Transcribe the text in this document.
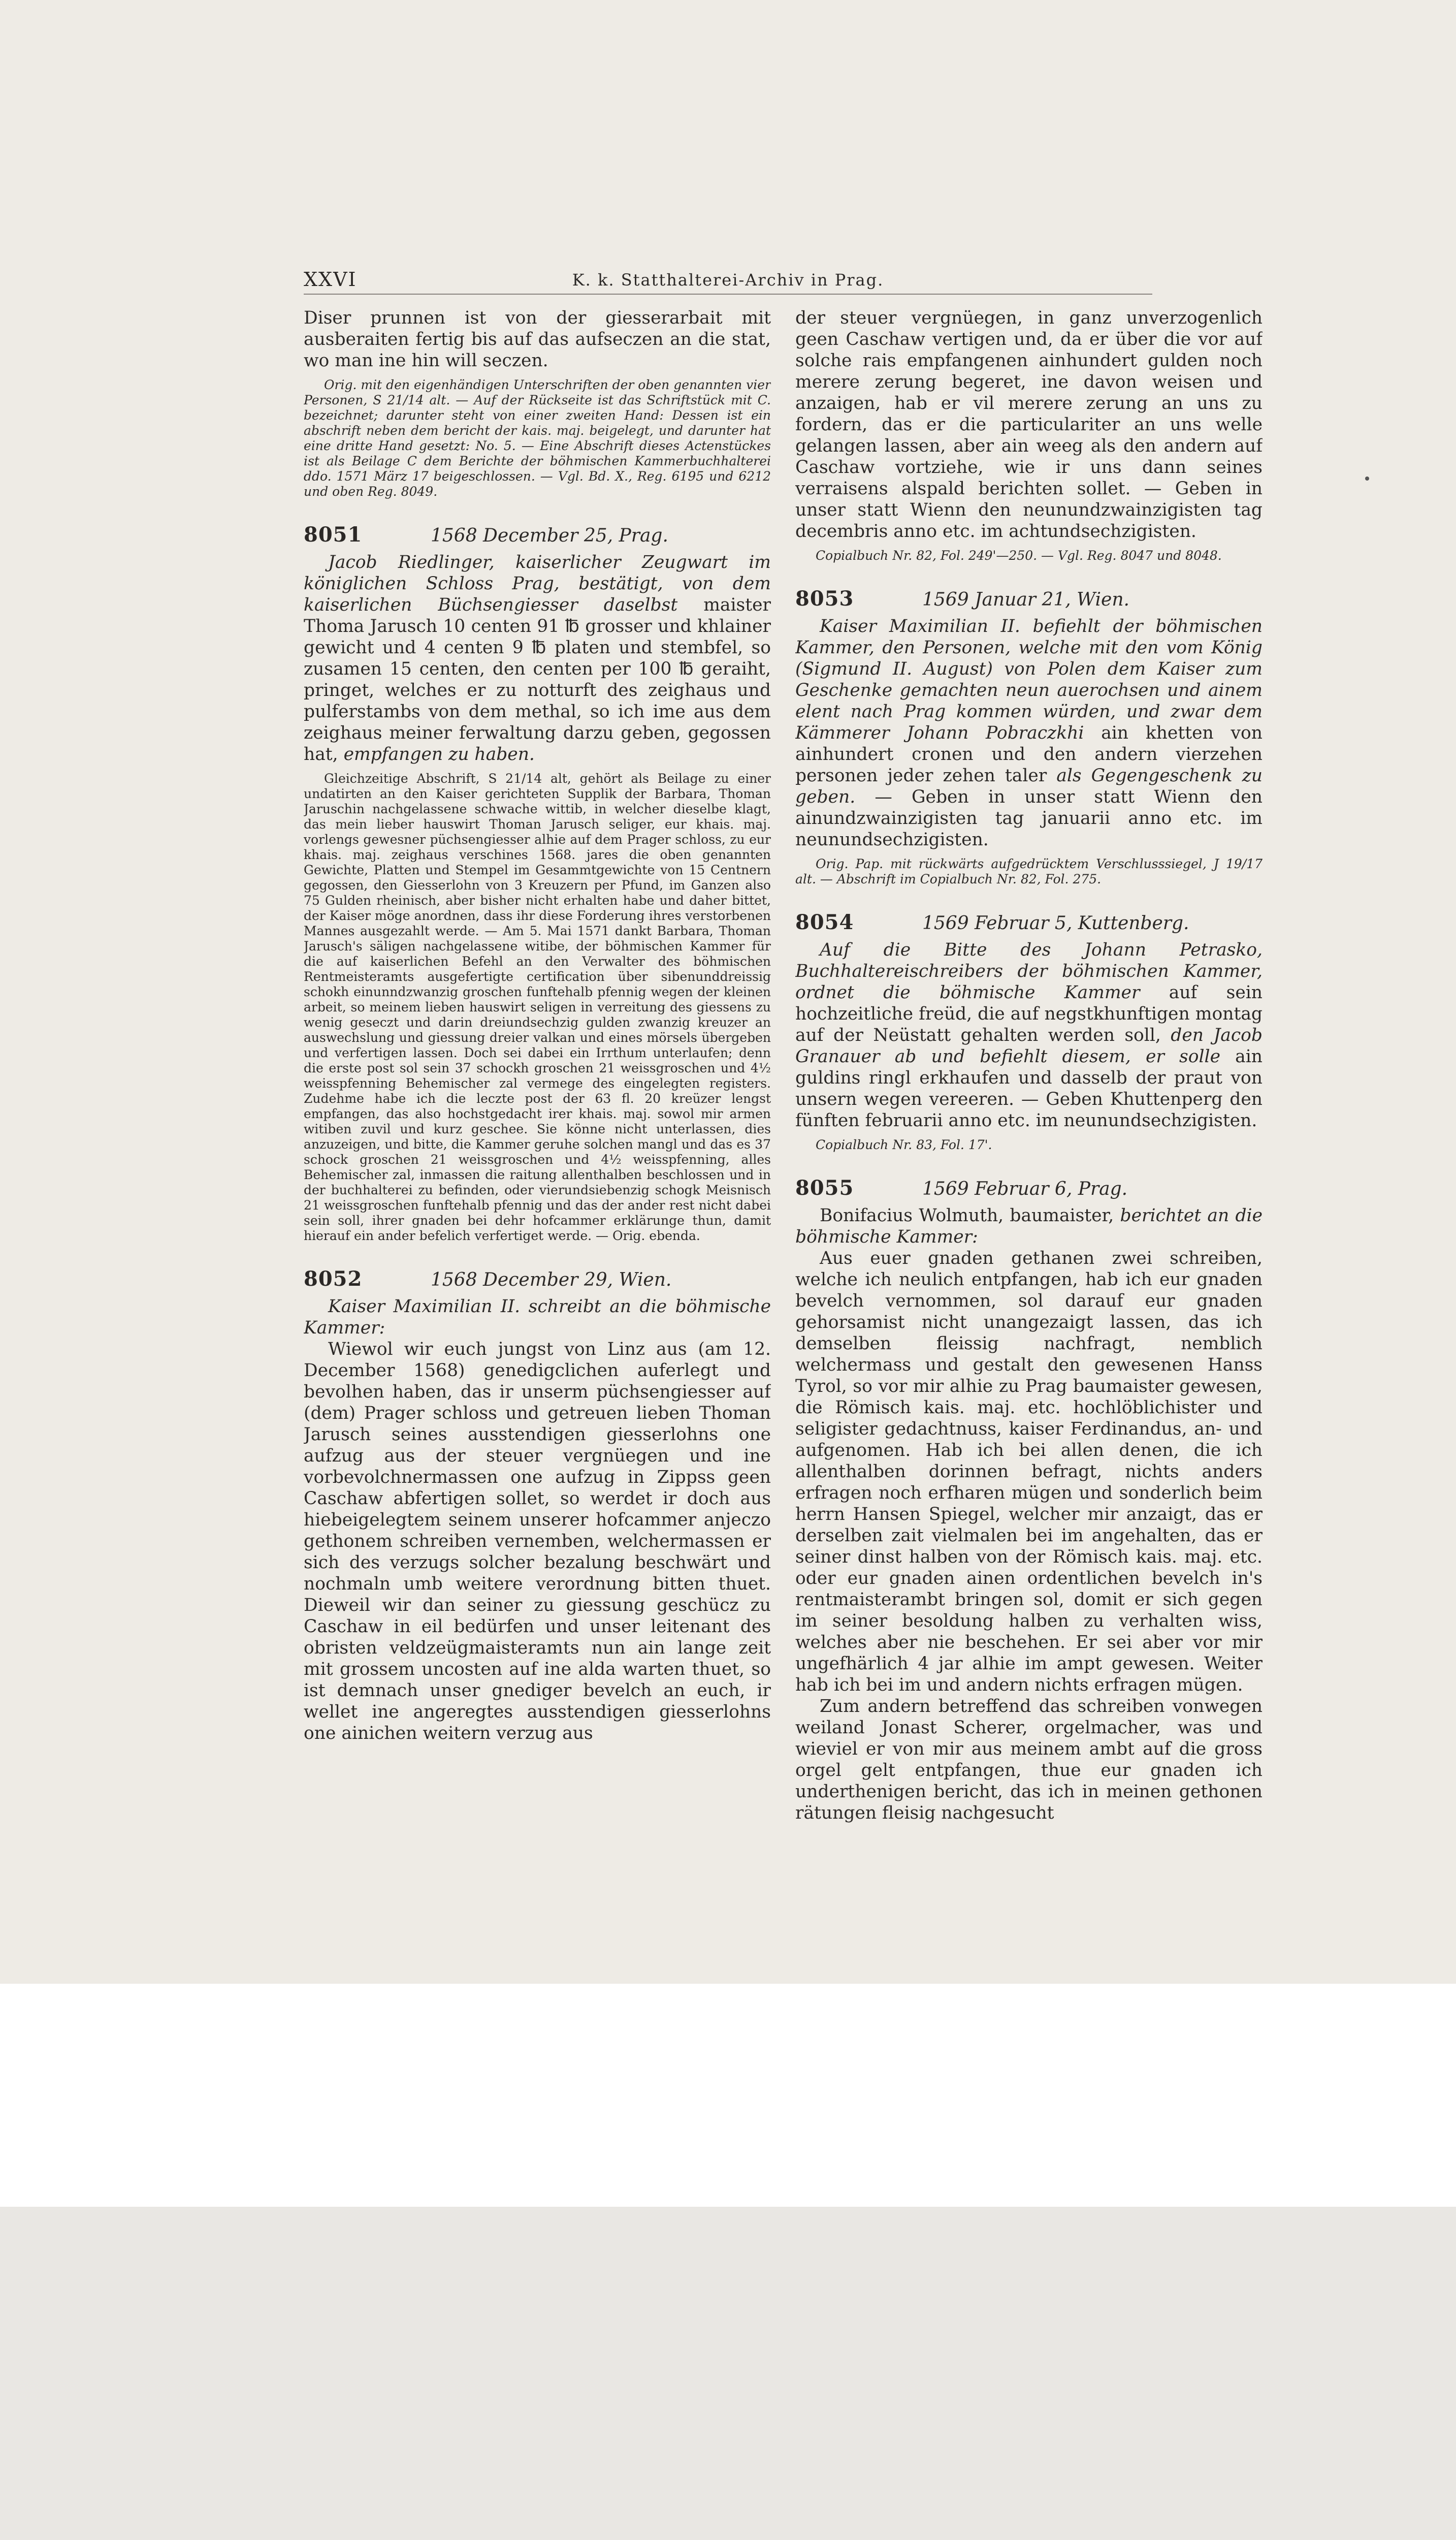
XXVI	K. k. Statthalterei-Archiv in Prag.

Diser prunnen ist von der giesserarbait mit ausberaiten fertig bis auf das aufseczen an die stat, wo man ine hin will seczen.

Orig. mit den eigenhändigen Unterschriften der oben genannten vier Personen, S 21/14 alt. — Auf der Rückseite ist das Schriftstück mit C. bezeichnet; darunter steht von einer zweiten Hand: Dessen ist ein abschrift neben dem bericht der kais. maj. beigelegt, und darunter hat eine dritte Hand gesetzt: No. 5. — Eine Abschrift dieses Actenstückes ist als Beilage C dem Berichte der böhmischen Kammerbuchhalterei ddo. 1571 März 17 beigeschlossen. — Vgl. Bd. X., Reg. 6195 und 6212 und oben Reg. 8049.

8051	1568 December 25, Prag.

Jacob Riedlinger, kaiserlicher Zeugwart im königlichen Schloss Prag, bestätigt, von dem kaiserlichen Büchsengiesser daselbst maister Thoma Jarusch 10 centen 91 ℔ grosser und khlainer gewicht und 4 centen 9 ℔ platen und stembfel, so zusamen 15 centen, den centen per 100 ℔ geraiht, pringet, welches er zu notturft des zeighaus und pulferstambs von dem methal, so ich ime aus dem zeighaus meiner ferwaltung darzu geben, gegossen hat, empfangen zu haben.

Gleichzeitige Abschrift, S 21/14 alt, gehört als Beilage zu einer undatirten an den Kaiser gerichteten Supplik der Barbara, Thoman Jaruschin nachgelassene schwache wittib, in welcher dieselbe klagt, das mein lieber hauswirt Thoman Jarusch seliger, eur khais. maj. vorlengs gewesner püchsengiesser alhie auf dem Prager schloss, zu eur khais. maj. zeighaus verschines 1568. jares die oben genannten Gewichte, Platten und Stempel im Gesammtgewichte von 15 Centnern gegossen, den Giesserlohn von 3 Kreuzern per Pfund, im Ganzen also 75 Gulden rheinisch, aber bisher nicht erhalten habe und daher bittet, der Kaiser möge anordnen, dass ihr diese Forderung ihres verstorbenen Mannes ausgezahlt werde. — Am 5. Mai 1571 dankt Barbara, Thoman Jarusch's säligen nachgelassene witibe, der böhmischen Kammer für die auf kaiserlichen Befehl an den Verwalter des böhmischen Rentmeisteramts ausgefertigte certification über sibenunddreissig schokh einunndzwanzig groschen funftehalb pfennig wegen der kleinen arbeit, so meinem lieben hauswirt seligen in verreitung des giessens zu wenig geseczt und darin dreiundsechzig gulden zwanzig kreuzer an auswechslung und giessung dreier valkan und eines mörsels übergeben und verfertigen lassen. Doch sei dabei ein Irrthum unterlaufen; denn die erste post sol sein 37 schockh groschen 21 weissgroschen und 4½ weisspfenning Behemischer zal vermege des eingelegten registers. Zudehme habe ich die leczte post der 63 fl. 20 kreüzer lengst empfangen, das also hochstgedacht irer khais. maj. sowol mir armen witiben zuvil und kurz geschee. Sie könne nicht unterlassen, dies anzuzeigen, und bitte, die Kammer geruhe solchen mangl und das es 37 schock groschen 21 weissgroschen und 4½ weisspfenning, alles Behemischer zal, inmassen die raitung allenthalben beschlossen und in der buchhalterei zu befinden, oder vierundsiebenzig schogk Meisnisch 21 weissgroschen funftehalb pfennig und das der ander rest nicht dabei sein soll, ihrer gnaden bei dehr hofcammer erklärunge thun, damit hierauf ein ander befelich verfertiget werde. — Orig. ebenda.

8052	1568 December 29, Wien.

Kaiser Maximilian II. schreibt an die böhmische Kammer:

Wiewol wir euch jungst von Linz aus (am 12. December 1568) genedigclichen auferlegt und bevolhen haben, das ir unserm püchsengiesser auf (dem) Prager schloss und getreuen lieben Thoman Jarusch seines ausstendigen giesserlohns one aufzug aus der steuer vergnüegen und ine vorbevolchnermassen one aufzug in Zippss geen Caschaw abfertigen sollet, so werdet ir doch aus hiebeigelegtem seinem unserer hofcammer anjeczo gethonem schreiben vernemben, welchermassen er sich des verzugs solcher bezalung beschwärt und nochmaln umb weitere verordnung bitten thuet. Dieweil wir dan seiner zu giessung geschücz zu Caschaw in eil bedürfen und unser leitenant des obristen veldzeügmaisteramts nun ain lange zeit mit grossem uncosten auf ine alda warten thuet, so ist demnach unser gnediger bevelch an euch, ir wellet ine angeregtes ausstendigen giesserlohns one ainichen weitern verzug aus

der steuer vergnüegen, in ganz unverzogenlich geen Caschaw vertigen und, da er über die vor auf solche rais empfangenen ainhundert gulden noch merere zerung begeret, ine davon weisen und anzaigen, hab er vil merere zerung an uns zu fordern, das er die particulariter an uns welle gelangen lassen, aber ain weeg als den andern auf Caschaw vortziehe, wie ir uns dann seines verraisens alspald berichten sollet. — Geben in unser statt Wienn den neunundzwainzigisten tag decembris anno etc. im achtundsechzigisten.

Copialbuch Nr. 82, Fol. 249'—250. — Vgl. Reg. 8047 und 8048.

8053	1569 Januar 21, Wien.

Kaiser Maximilian II. befiehlt der böhmischen Kammer, den Personen, welche mit den vom König (Sigmund II. August) von Polen dem Kaiser zum Geschenke gemachten neun auerochsen und ainem elent nach Prag kommen würden, und zwar dem Kämmerer Johann Pobraczkhi ain khetten von ainhundert cronen und den andern vierzehen personen jeder zehen taler als Gegengeschenk zu geben. — Geben in unser statt Wienn den ainundzwainzigisten tag januarii anno etc. im neunundsechzigisten.

Orig. Pap. mit rückwärts aufgedrücktem Verschlusssiegel, J 19/17 alt. — Abschrift im Copialbuch Nr. 82, Fol. 275.

8054	1569 Februar 5, Kuttenberg.

Auf die Bitte des Johann Petrasko, Buchhaltereischreibers der böhmischen Kammer, ordnet die böhmische Kammer auf sein hochzeitliche freüd, die auf negstkhunftigen montag auf der Neüstatt gehalten werden soll, den Jacob Granauer ab und befiehlt diesem, er solle ain guldins ringl erkhaufen und dasselb der praut von unsern wegen vereeren. — Geben Khuttenperg den fünften februarii anno etc. im neunundsechzigisten.

Copialbuch Nr. 83, Fol. 17'.

8055	1569 Februar 6, Prag.

Bonifacius Wolmuth, baumaister, berichtet an die böhmische Kammer:

Aus euer gnaden gethanen zwei schreiben, welche ich neulich entpfangen, hab ich eur gnaden bevelch vernommen, sol darauf eur gnaden gehorsamist nicht unangezaigt lassen, das ich demselben fleissig nachfragt, nemblich welchermass und gestalt den gewesenen Hanss Tyrol, so vor mir alhie zu Prag baumaister gewesen, die Römisch kais. maj. etc. hochlöblichister und seligister gedachtnuss, kaiser Ferdinandus, an- und aufgenomen. Hab ich bei allen denen, die ich allenthalben dorinnen befragt, nichts anders erfragen noch erfharen mügen und sonderlich beim herrn Hansen Spiegel, welcher mir anzaigt, das er derselben zait vielmalen bei im angehalten, das er seiner dinst halben von der Römisch kais. maj. etc. oder eur gnaden ainen ordentlichen bevelch in's rentmaisterambt bringen sol, domit er sich gegen im seiner besoldung halben zu verhalten wiss, welches aber nie beschehen. Er sei aber vor mir ungefhärlich 4 jar alhie im ampt gewesen. Weiter hab ich bei im und andern nichts erfragen mügen.

Zum andern betreffend das schreiben vonwegen weiland Jonast Scherer, orgelmacher, was und wieviel er von mir aus meinem ambt auf die gross orgel gelt entpfangen, thue eur gnaden ich underthenigen bericht, das ich in meinen gethonen rätungen fleisig nachgesucht
